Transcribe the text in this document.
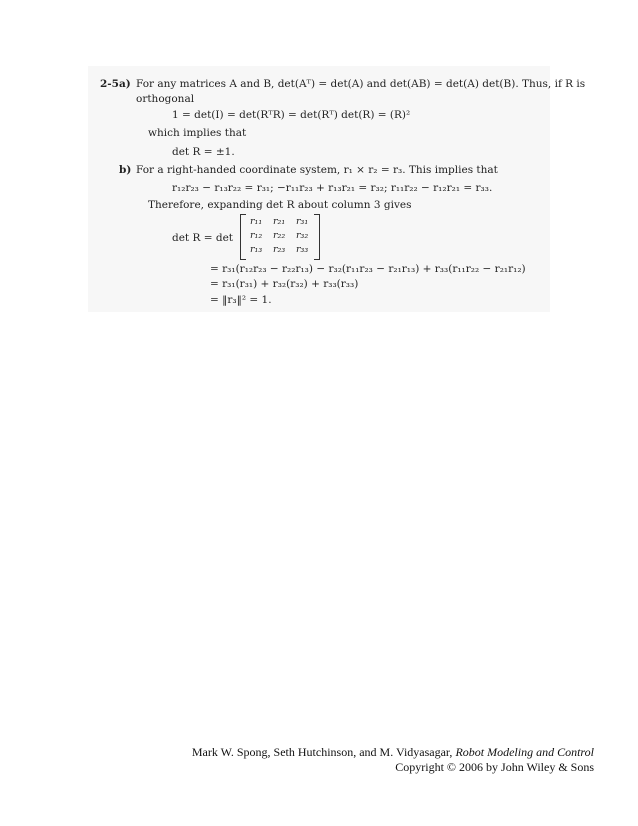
2-5 a) For any matrices A and B, det(Aᵀ) = det(A) and det(AB) = det(A) det(B). Thus, if R is
orthogonal
1 = det(I) = det(RᵀR) = det(Rᵀ) det(R) = (R)²
which implies that
det R = ±1.
b) For a right-handed coordinate system, r₁ × r₂ = r₃. This implies that
r₁₂r₂₃ − r₁₃r₂₂ = r₃₁; −r₁₁r₂₃ + r₁₃r₂₁ = r₃₂; r₁₁r₂₂ − r₁₂r₂₁ = r₃₃.
Therefore, expanding det R about column 3 gives
det R = det
r₁₁ r₂₁ r₃₁
r₁₂ r₂₂ r₃₂
r₁₃ r₂₃ r₃₃
= r₃₁(r₁₂r₂₃ − r₂₂r₁₃) − r₃₂(r₁₁r₂₃ − r₂₁r₁₃) + r₃₃(r₁₁r₂₂ − r₂₁r₁₂)
= r₃₁(r₃₁) + r₃₂(r₃₂) + r₃₃(r₃₃)
= ‖r₃‖² = 1.
Mark W. Spong, Seth Hutchinson, and M. Vidyasagar, Robot Modeling and Control
Copyright © 2006 by John Wiley & Sons
